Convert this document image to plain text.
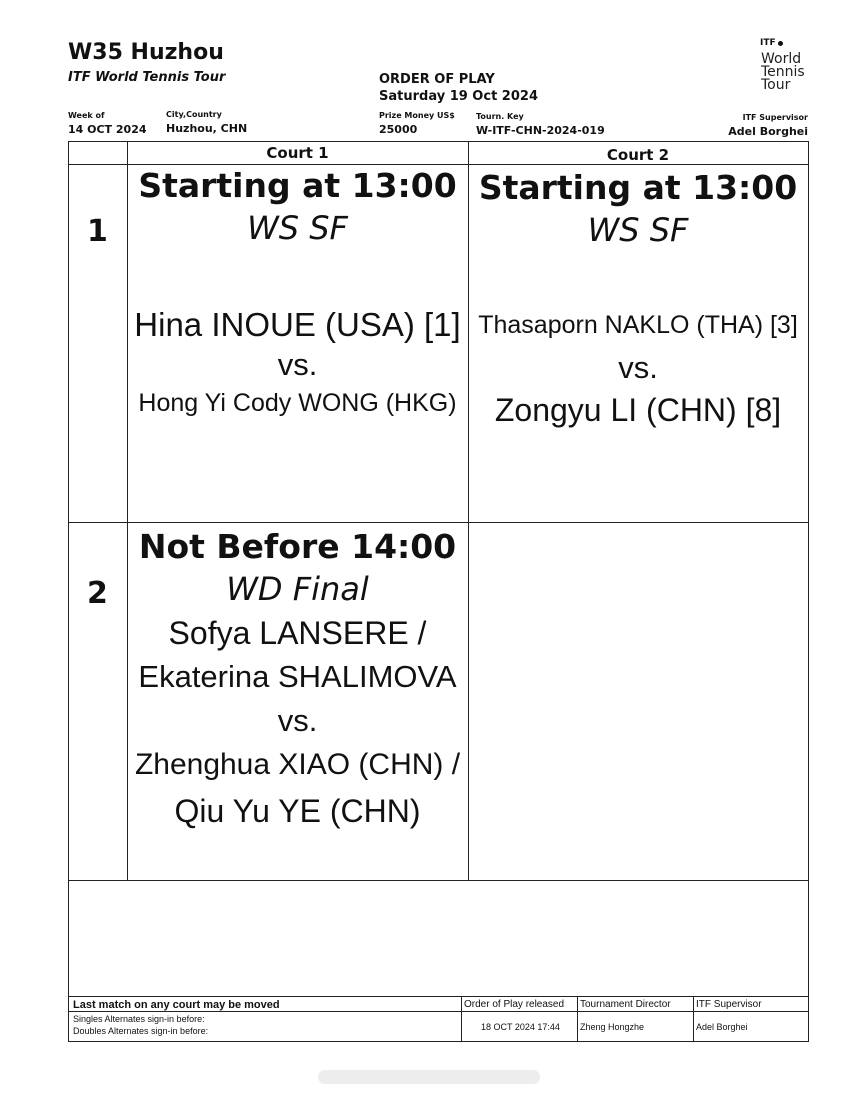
W35 Huzhou
ITF World Tennis Tour	ORDER OF PLAY
Saturday 19 Oct 2024
Week of
14 OCT 2024
City,Country
Huzhou, CHN
Prize Money US$
25000
Tourn. Key
W-ITF-CHN-2024-019
ITF Supervisor
Adel Borghei
ITF
World
Tennis
Tour
Court 1	Court 2
1
2
Starting at 13:00
WS SF
Hina INOUE (USA) [1]
vs.
Hong Yi Cody WONG (HKG)
Starting at 13:00
WS SF
Thasaporn NAKLO (THA) [3]
vs.
Zongyu LI (CHN) [8]
Not Before 14:00
WD Final
Sofya LANSERE /
Ekaterina SHALIMOVA
vs.
Zhenghua XIAO (CHN) /
Qiu Yu YE (CHN)
Last match on any court may be moved
Singles Alternates sign-in before:
Doubles Alternates sign-in before:
Order of Play released
18 OCT 2024 17:44
Tournament Director
Zheng Hongzhe
ITF Supervisor
Adel Borghei
